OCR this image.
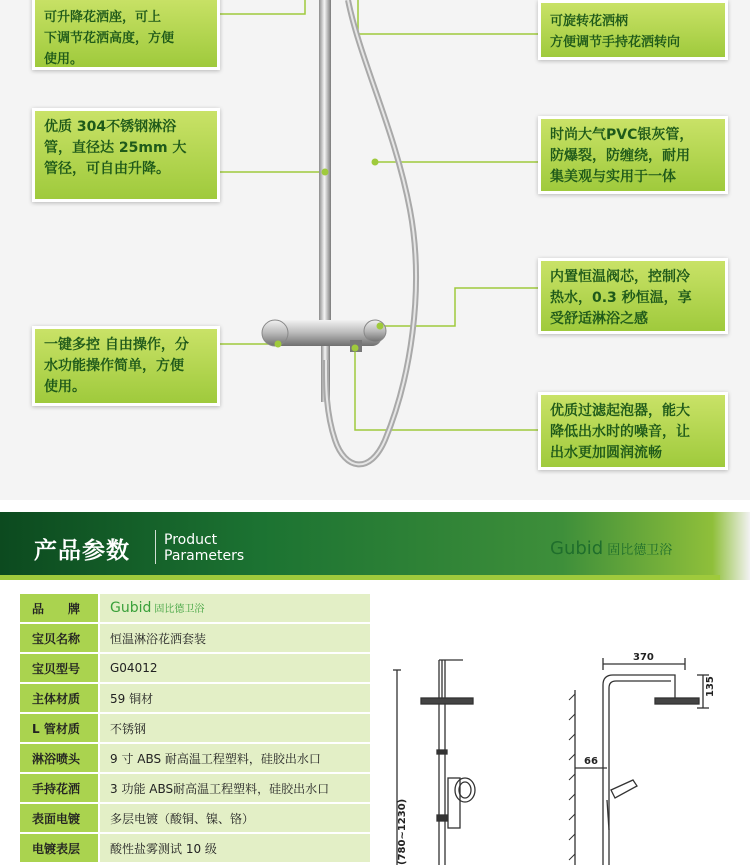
可升降花洒座，可上
下调节花洒高度，方便
使用。
优质 304不锈钢淋浴
管，直径达 25mm 大
管径，可自由升降。
一键多控 自由操作，分
水功能操作简单，方便
使用。
可旋转花洒柄
方便调节手持花洒转向
时尚大气PVC银灰管，
防爆裂，防缠绕，耐用
集美观与实用于一体
内置恒温阀芯，控制冷
热水，0.3 秒恒温，享
受舒适淋浴之感
优质过滤起泡器，能大
降低出水时的噪音，让
出水更加圆润流畅
产品参数 Product
Parameters	Gubid 固比德卫浴
品　　牌	Gubid 固比德卫浴
宝贝名称	恒温淋浴花洒套装
宝贝型号	G04012
主体材质	59 铜材
L 管材质	不锈钢
淋浴喷头	9 寸 ABS 耐高温工程塑料，硅胶出水口
手持花洒	3 功能 ABS耐高温工程塑料，硅胶出水口
表面电镀	多层电镀（酸铜、镍、铬）
电镀表层	酸性盐雾测试 10 级
370
135
66
(780~1230)
